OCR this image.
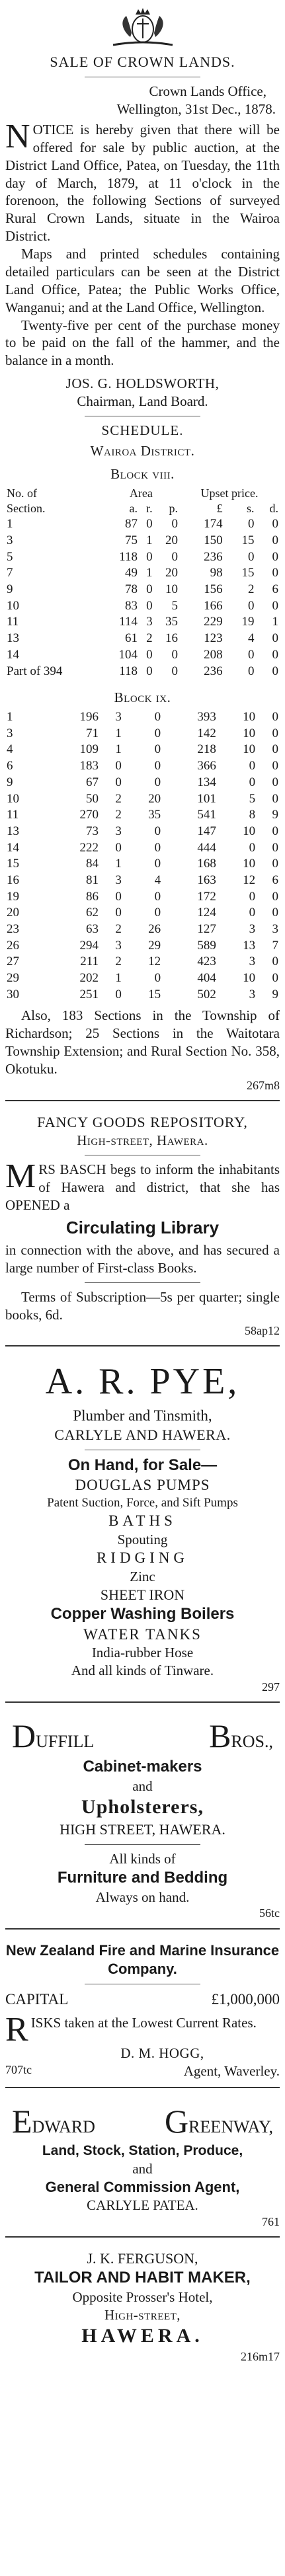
SALE OF CROWN LANDS.
Crown Lands Office,
Wellington, 31st Dec., 1878.
NOTICE is hereby given that there will be offered for sale by public auction, at the District Land Office, Patea, on Tuesday, the 11th day of March, 1879, at 11 o'clock in the forenoon, the following Sections of surveyed Rural Crown Lands, situate in the Wairoa District.
Maps and printed schedules containing detailed particulars can be seen at the District Land Office, Patea; the Public Works Office, Wanganui; and at the Land Office, Wellington.
Twenty-five per cent of the purchase money to be paid on the fall of the hammer, and the balance in a month.
JOS. G. HOLDSWORTH,
Chairman, Land Board.
SCHEDULE.
Wairoa District.
Block viii.
No. of	Area			Upset price.		
Section.	a.	r.	p.	£	s.	d.
1	87	0	0	174	0	0
3	75	1	20	150	15	0
5	118	0	0	236	0	0
7	49	1	20	98	15	0
9	78	0	10	156	2	6
10	83	0	5	166	0	0
11	114	3	35	229	19	1
13	61	2	16	123	4	0
14	104	0	0	208	0	0
Part of 394	118	0	0	236	0	0
Block ix.
1	196	3	0	393	10	0
3	71	1	0	142	10	0
4	109	1	0	218	10	0
6	183	0	0	366	0	0
9	67	0	0	134	0	0
10	50	2	20	101	5	0
11	270	2	35	541	8	9
13	73	3	0	147	10	0
14	222	0	0	444	0	0
15	84	1	0	168	10	0
16	81	3	4	163	12	6
19	86	0	0	172	0	0
20	62	0	0	124	0	0
23	63	2	26	127	3	3
26	294	3	29	589	13	7
27	211	2	12	423	3	0
29	202	1	0	404	10	0
30	251	0	15	502	3	9
Also, 183 Sections in the Township of Richardson; 25 Sections in the Waitotara Township Extension; and Rural Section No. 358, Okotuku.
267m8
FANCY GOODS REPOSITORY,
High-street, Hawera.
MRS BASCH begs to inform the inhabitants of Hawera and district, that she has OPENED a
Circulating Library
in connection with the above, and has secured a large number of First-class Books.
Terms of Subscription—5s per quarter; single books, 6d.
58ap12
A. R. PYE,
Plumber and Tinsmith,
CARLYLE AND HAWERA.
On Hand, for Sale—
DOUGLAS PUMPS
Patent Suction, Force, and Sift Pumps
BATHS
Spouting
RIDGING
Zinc
SHEET IRON
Copper Washing Boilers
WATER TANKS
India-rubber Hose
And all kinds of Tinware.
297
DUFFILL	BROS.,
Cabinet-makers
and
Upholsterers,
HIGH STREET, HAWERA.
All kinds of
Furniture and Bedding
Always on hand.
56tc
New Zealand Fire and Marine Insurance Company.
CAPITAL	£1,000,000
RISKS taken at the Lowest Current Rates.
D. M. HOGG,
707tc	Agent, Waverley.
EDWARD GREENWAY,
Land, Stock, Station, Produce,
and
General Commission Agent,
CARLYLE PATEA.
761
J. K. FERGUSON,
TAILOR AND HABIT MAKER,
Opposite Prosser's Hotel,
High-street,
HAWERA.
216m17
